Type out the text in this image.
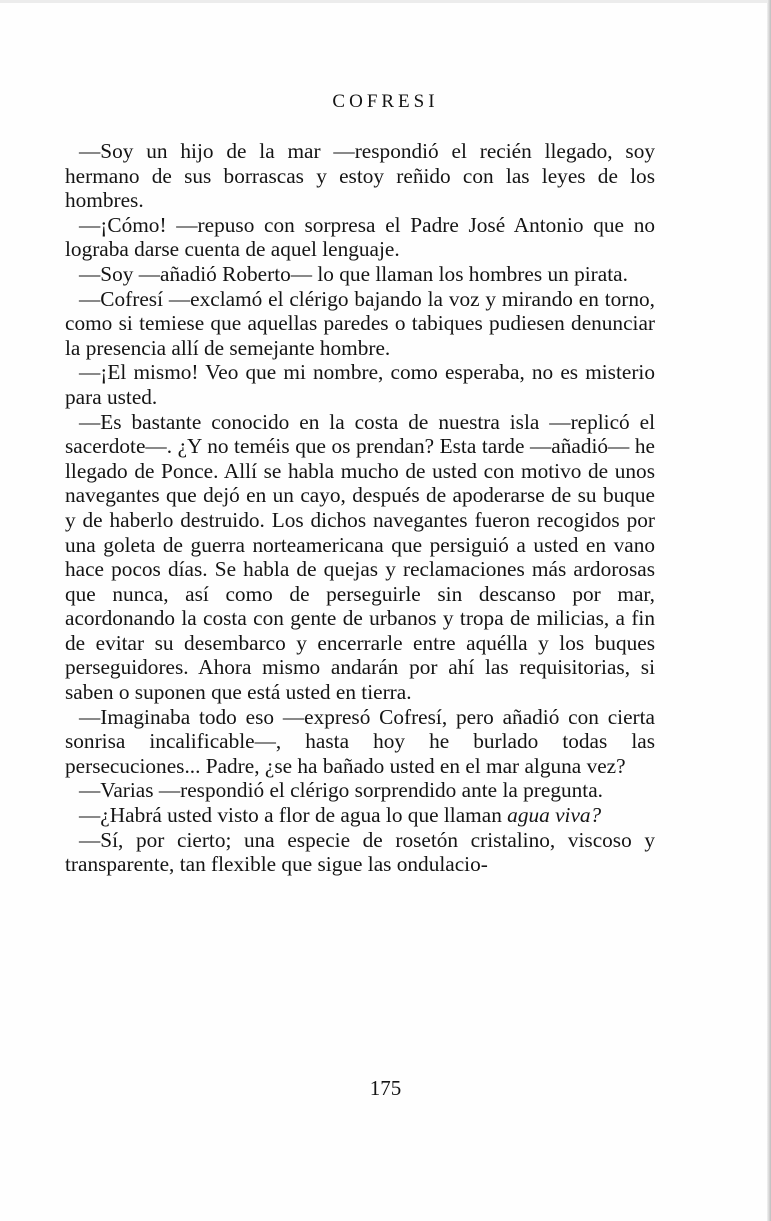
COFRESI

—Soy un hijo de la mar —respondió el recién llegado, soy hermano de sus borrascas y estoy reñido con las leyes de los hombres.

—¡Cómo! —repuso con sorpresa el Padre José Antonio que no lograba darse cuenta de aquel lenguaje.

—Soy —añadió Roberto— lo que llaman los hombres un pirata.

—Cofresí —exclamó el clérigo bajando la voz y mirando en torno, como si temiese que aquellas paredes o tabiques pudiesen denunciar la presencia allí de semejante hombre.

—¡El mismo! Veo que mi nombre, como esperaba, no es misterio para usted.

—Es bastante conocido en la costa de nuestra isla —replicó el sacerdote—. ¿Y no teméis que os prendan? Esta tarde —añadió— he llegado de Ponce. Allí se habla mucho de usted con motivo de unos navegantes que dejó en un cayo, después de apoderarse de su buque y de haberlo destruido. Los dichos navegantes fueron recogidos por una goleta de guerra norteamericana que persiguió a usted en vano hace pocos días. Se habla de quejas y reclamaciones más ardorosas que nunca, así como de perseguirle sin descanso por mar, acordonando la costa con gente de urbanos y tropa de milicias, a fin de evitar su desembarco y encerrarle entre aquélla y los buques perseguidores. Ahora mismo andarán por ahí las requisitorias, si saben o suponen que está usted en tierra.

—Imaginaba todo eso —expresó Cofresí, pero añadió con cierta sonrisa incalificable—, hasta hoy he burlado todas las persecuciones... Padre, ¿se ha bañado usted en el mar alguna vez?

—Varias —respondió el clérigo sorprendido ante la pregunta.

—¿Habrá usted visto a flor de agua lo que llaman agua viva?

—Sí, por cierto; una especie de rosetón cristalino, viscoso y transparente, tan flexible que sigue las ondulacio-

175
